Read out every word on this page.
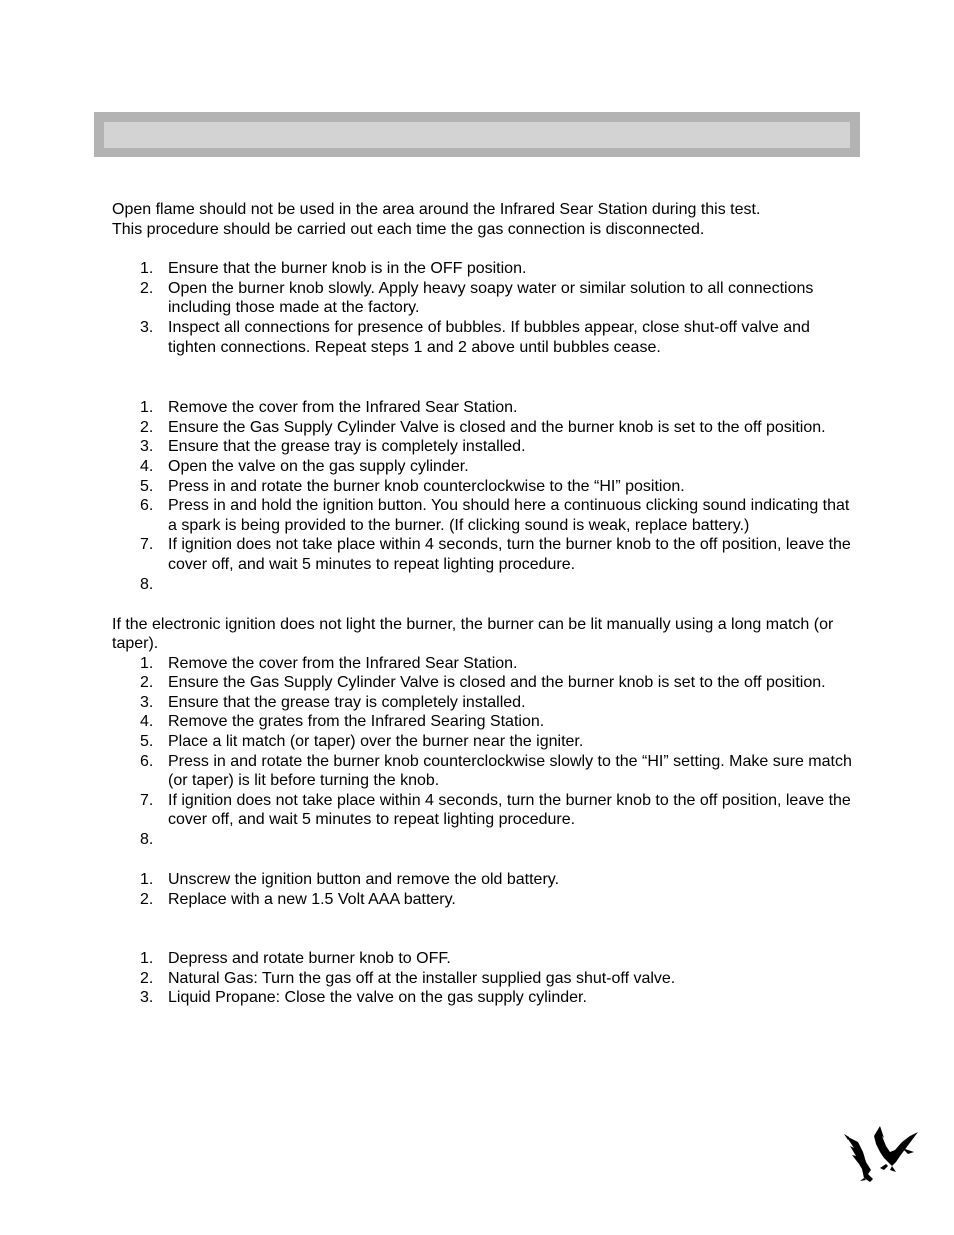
Open flame should not be used in the area around the Infrared Sear Station during this test.

This procedure should be carried out each time the gas connection is disconnected.

1. Ensure that the burner knob is in the OFF position.
2. Open the burner knob slowly. Apply heavy soapy water or similar solution to all connections including those made at the factory.
3. Inspect all connections for presence of bubbles. If bubbles appear, close shut-off valve and tighten connections. Repeat steps 1 and 2 above until bubbles cease.
1. Remove the cover from the Infrared Sear Station.
2. Ensure the Gas Supply Cylinder Valve is closed and the burner knob is set to the off position.
3. Ensure that the grease tray is completely installed.
4. Open the valve on the gas supply cylinder.
5. Press in and rotate the burner knob counterclockwise to the “HI” position.
6. Press in and hold the ignition button. You should here a continuous clicking sound indicating that a spark is being provided to the burner. (If clicking sound is weak, replace battery.)
7. If ignition does not take place within 4 seconds, turn the burner knob to the off position, leave the cover off, and wait 5 minutes to repeat lighting procedure.
8.

If the electronic ignition does not light the burner, the burner can be lit manually using a long match (or taper).

1. Remove the cover from the Infrared Sear Station.
2. Ensure the Gas Supply Cylinder Valve is closed and the burner knob is set to the off position.
3. Ensure that the grease tray is completely installed.
4. Remove the grates from the Infrared Searing Station.
5. Place a lit match (or taper) over the burner near the igniter.
6. Press in and rotate the burner knob counterclockwise slowly to the “HI” setting. Make sure match (or taper) is lit before turning the knob.
7. If ignition does not take place within 4 seconds, turn the burner knob to the off position, leave the cover off, and wait 5 minutes to repeat lighting procedure.
8.
1. Unscrew the ignition button and remove the old battery.
2. Replace with a new 1.5 Volt AAA battery.
1. Depress and rotate burner knob to OFF.
2. Natural Gas: Turn the gas off at the installer supplied gas shut-off valve.
3. Liquid Propane: Close the valve on the gas supply cylinder.
